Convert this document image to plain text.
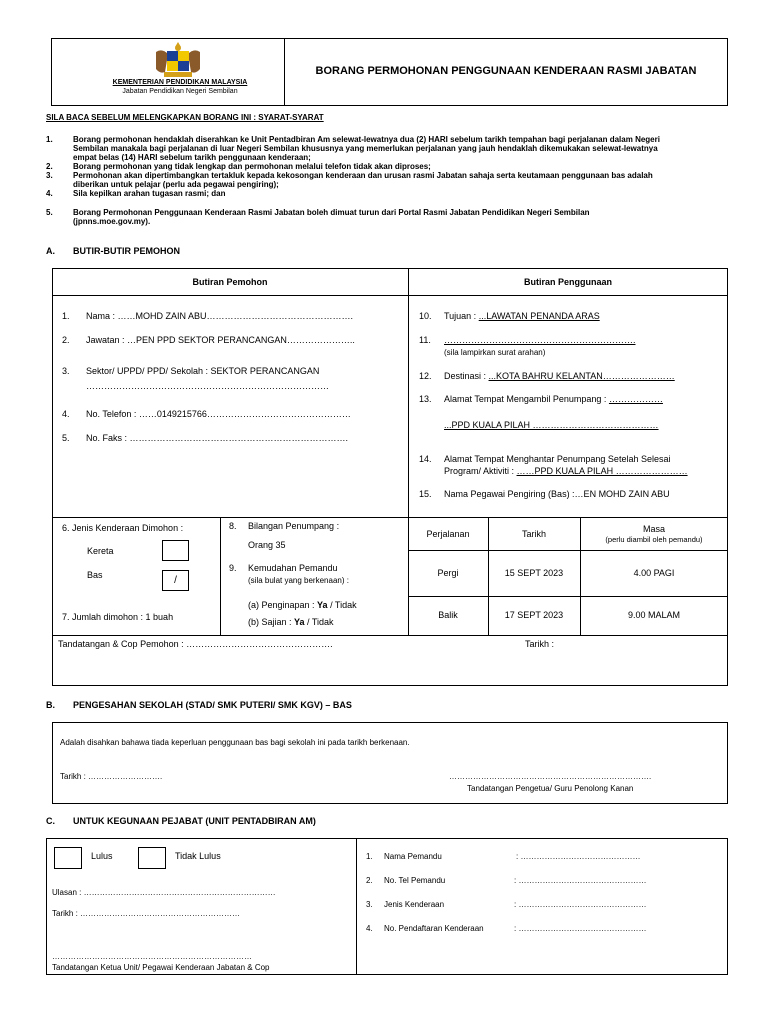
KEMENTERIAN PENDIDIKAN MALAYSIA
Jabatan Pendidikan Negeri Sembilan
BORANG PERMOHONAN PENGGUNAAN KENDERAAN RASMI JABATAN
SILA BACA SEBELUM MELENGKAPKAN BORANG INI : SYARAT-SYARAT
1.	Borang permohonan hendaklah diserahkan ke Unit Pentadbiran Am selewat-lewatnya dua (2) HARI sebelum tarikh tempahan bagi perjalanan dalam Negeri
Sembilan manakala bagi perjalanan di luar Negeri Sembilan khususnya yang memerlukan perjalanan yang jauh hendaklah dikemukakan selewat-lewatnya
empat belas (14) HARI sebelum tarikh penggunaan kenderaan;
2.	Borang permohonan yang tidak lengkap dan permohonan melalui telefon tidak akan diproses;
3.	Permohonan akan dipertimbangkan tertakluk kepada kekosongan kenderaan dan urusan rasmi Jabatan sahaja serta keutamaan penggunaan bas adalah
diberikan untuk pelajar (perlu ada pegawai pengiring);
4.	Sila kepilkan arahan tugasan rasmi; dan
5.	Borang Permohonan Penggunaan Kenderaan Rasmi Jabatan boleh dimuat turun dari Portal Rasmi Jabatan Pendidikan Negeri Sembilan
(jpnns.moe.gov.my).
A. BUTIR-BUTIR PEMOHON
Butiran Pemohon	Butiran Penggunaan
1. Nama : ……MOHD ZAIN ABU………………………………………….
2. Jawatan : …PEN PPD SEKTOR PERANCANGAN…………………..
3. Sektor/ UPPD/ PPD/ Sekolah : SEKTOR PERANCANGAN
………………………………………………………………………
4. No. Telefon : ……0149215766…………………………………………
5. No. Faks : ……………………………………………………………….
10. Tujuan : ...LAWATAN PENANDA ARAS
11. ……………………………………………………….
(sila lampirkan surat arahan)
12. Destinasi : ...KOTA BAHRU KELANTAN……………………
13. Alamat Tempat Mengambil Penumpang : ………………
...PPD KUALA PILAH ……………………………………
14. Alamat Tempat Menghantar Penumpang Setelah Selesai
Program/ Aktiviti : ……PPD KUALA PILAH ……………………
15. Nama Pegawai Pengiring (Bas) :…EN MOHD ZAIN ABU
6. Jenis Kenderaan Dimohon :
Kereta
Bas	/
7. Jumlah dimohon : 1 buah
8. Bilangan Penumpang :
Orang 35
9. Kemudahan Pemandu
(sila bulat yang berkenaan) :
(a) Penginapan : Ya / Tidak
(b) Sajian : Ya / Tidak
Perjalanan	Tarikh	Masa
(perlu diambil oleh pemandu)
Pergi	15 SEPT 2023	4.00 PAGI
Balik	17 SEPT 2023	9.00 MALAM
Tandatangan & Cop Pemohon : ………………………………………….	Tarikh :
B. PENGESAHAN SEKOLAH (STAD/ SMK PUTERI/ SMK KGV) – BAS
Adalah disahkan bahawa tiada keperluan penggunaan bas bagi sekolah ini pada tarikh berkenaan.
Tarikh : ……………………….	………………………………………………………………….
Tandatangan Pengetua/ Guru Penolong Kanan
C. UNTUK KEGUNAAN PEJABAT (UNIT PENTADBIRAN AM)
Lulus	Tidak Lulus
Ulasan : ………………………………………………………………
Tarikh : ……………………………………………………
…………………………………………………………………
Tandatangan Ketua Unit/ Pegawai Kenderaan Jabatan & Cop
1. Nama Pemandu	: ………………………………………
2. No. Tel Pemandu	: …………………………………………
3. Jenis Kenderaan	: …………………………………………
4. No. Pendaftaran Kenderaan	: …………………………………………
